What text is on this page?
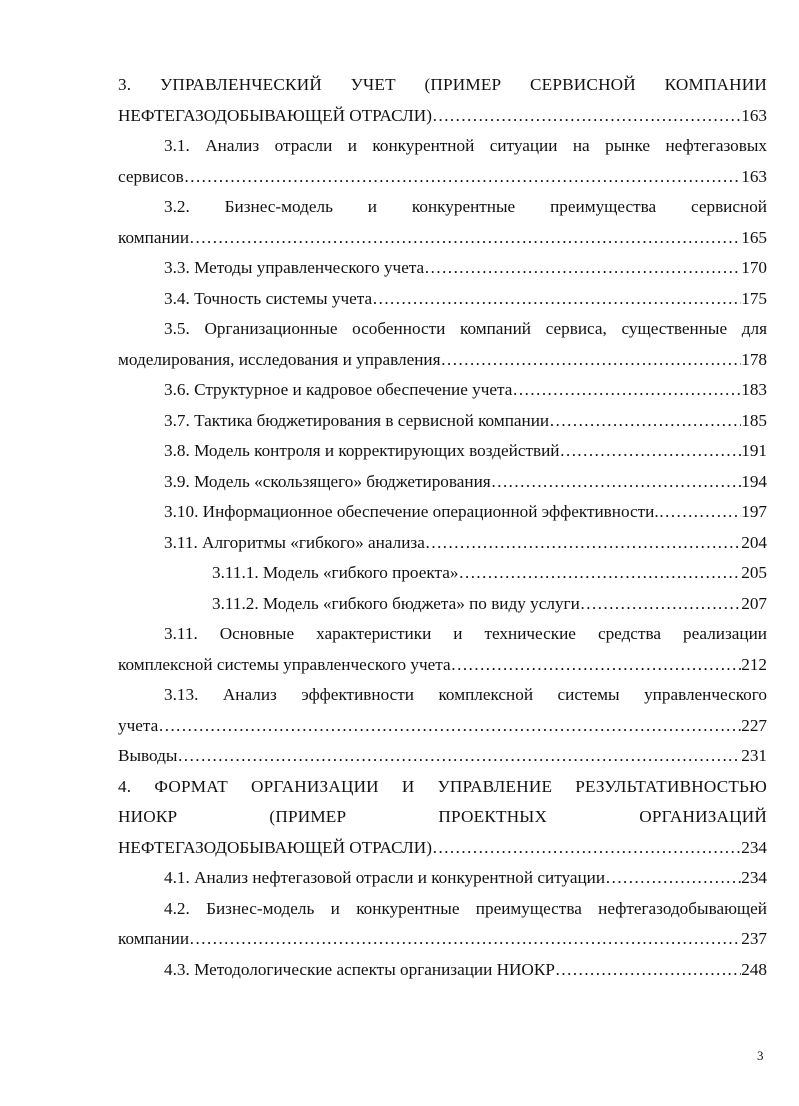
3. УПРАВЛЕНЧЕСКИЙ УЧЕТ (ПРИМЕР СЕРВИСНОЙ КОМПАНИИ
НЕФТЕГАЗОДОБЫВАЮЩЕЙ ОТРАСЛИ) ……………………………………………………………………………………………………………………………………………………………………	163
3.1. Анализ отрасли и конкурентной ситуации на рынке нефтегазовых
сервисов ……………………………………………………………………………………………………………………………………………………………………	163
3.2. Бизнес-модель и конкурентные преимущества сервисной
компании ……………………………………………………………………………………………………………………………………………………………………	165
3.3. Методы управленческого учета ……………………………………………………………………………………………………………………………………………………………………	170
3.4. Точность системы учета ……………………………………………………………………………………………………………………………………………………………………	175
3.5. Организационные особенности компаний сервиса, существенные для
моделирования, исследования и управления ……………………………………………………………………………………………………………………………………………………………………	178
3.6. Структурное и кадровое обеспечение учета ……………………………………………………………………………………………………………………………………………………………………	183
3.7. Тактика бюджетирования в сервисной компании ……………………………………………………………………………………………………………………………………………………………………	185
3.8. Модель контроля и корректирующих воздействий ……………………………………………………………………………………………………………………………………………………………………	191
3.9. Модель «скользящего» бюджетирования ……………………………………………………………………………………………………………………………………………………………………	194
3.10. Информационное обеспечение операционной эффективности. ……………………………………………………………………………………………………………………………………………………………………	197
3.11. Алгоритмы «гибкого» анализа ……………………………………………………………………………………………………………………………………………………………………	204
3.11.1. Модель «гибкого проекта» ……………………………………………………………………………………………………………………………………………………………………	205
3.11.2. Модель «гибкого бюджета» по виду услуги ……………………………………………………………………………………………………………………………………………………………………	207
3.11. Основные характеристики и технические средства реализации
комплексной системы управленческого учета ……………………………………………………………………………………………………………………………………………………………………	212
3.13. Анализ эффективности комплексной системы управленческого
учета ……………………………………………………………………………………………………………………………………………………………………	227
Выводы ……………………………………………………………………………………………………………………………………………………………………	231
4. ФОРМАТ ОРГАНИЗАЦИИ И УПРАВЛЕНИЕ РЕЗУЛЬТАТИВНОСТЬЮ
НИОКР (ПРИМЕР ПРОЕКТНЫХ ОРГАНИЗАЦИЙ
НЕФТЕГАЗОДОБЫВАЮЩЕЙ ОТРАСЛИ) ……………………………………………………………………………………………………………………………………………………………………	234
4.1. Анализ нефтегазовой отрасли и конкурентной ситуации ……………………………………………………………………………………………………………………………………………………………………	234
4.2. Бизнес-модель и конкурентные преимущества нефтегазодобывающей
компании ……………………………………………………………………………………………………………………………………………………………………	237
4.3. Методологические аспекты организации НИОКР ……………………………………………………………………………………………………………………………………………………………………	248
3
